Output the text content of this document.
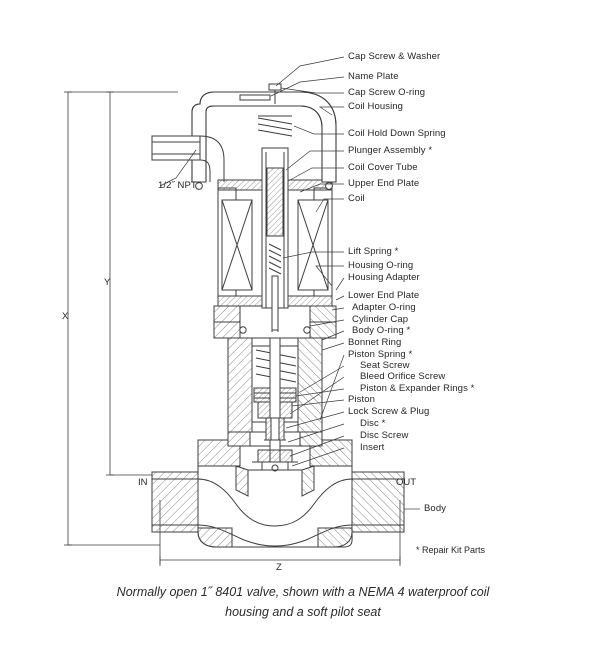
Cap Screw & Washer
Name Plate
Cap Screw O-ring
Coil Housing
Coil Hold Down Spring
Plunger Assembly *
Coil Cover Tube
Upper End Plate
Coil
Lift Spring *
Housing O-ring
Housing Adapter
Lower End Plate
Adapter O-ring
Cylinder Cap
Body O-ring *
Bonnet Ring
Piston Spring *
Seat Screw
Bleed Orifice Screw
Piston & Expander Rings *
Piston
Lock Screw & Plug
Disc *
Disc Screw
Insert
Body
1/2˝ NPT
X
Y
Z
IN	OUT
* Repair Kit Parts
Normally open 1˝ 8401 valve, shown with a NEMA 4 waterproof coil
housing and a soft pilot seat
